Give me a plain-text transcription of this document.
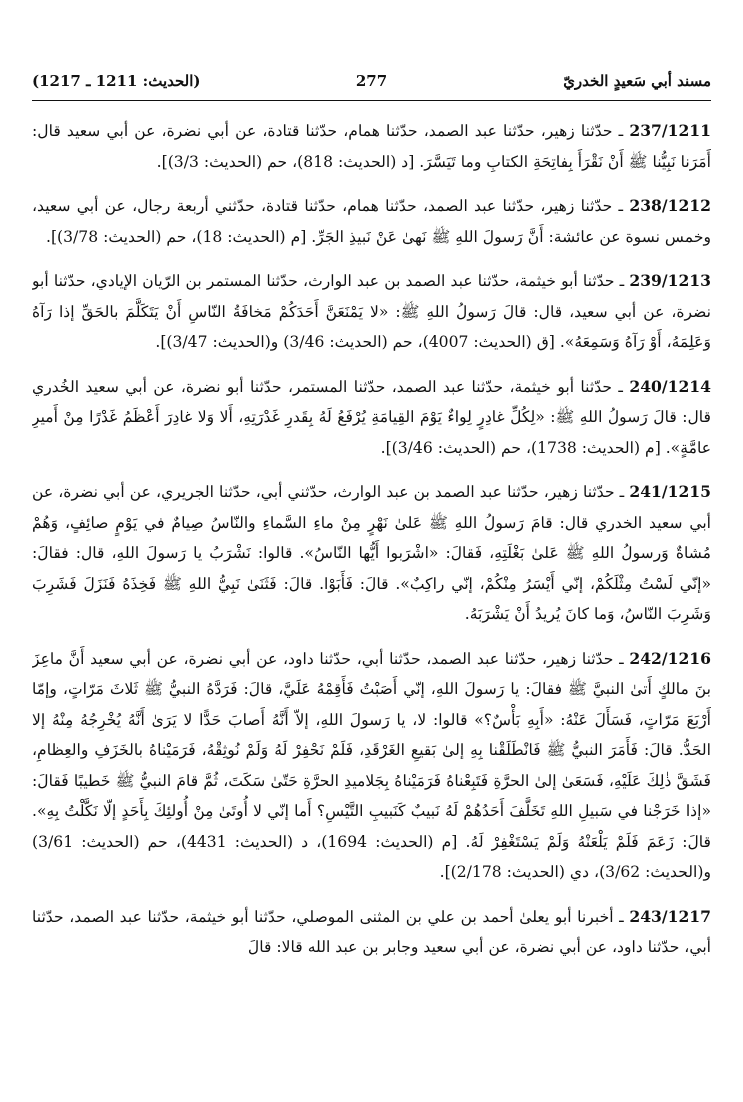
مسند أبي سَعيدٍ الخدريّ
277
(الحديث: 1211 ـ 1217)

237/1211 ـ حدّثنا زهير، حدّثنا عبد الصمد، حدّثنا همام، حدّثنا قتادة، عن أبي نضرة، عن أبي سعيد قال: أَمَرَنا نَبِيُّنا ﷺ أَنْ نَقْرَأَ بِفاتِحَةِ الكتابِ وما تَيَسَّرَ. [د (الحديث: 818)، حم (الحديث: 3/3)].

238/1212 ـ حدّثنا زهير، حدّثنا عبد الصمد، حدّثنا همام، حدّثنا قتادة، حدّثني أربعة رجال، عن أبي سعيد، وخمس نسوة عن عائشة: أَنَّ رَسولَ اللهِ ﷺ نَهىٰ عَنْ نَبيذِ الجَرِّ. [م (الحديث: 18)، حم (الحديث: 3/78)].

239/1213 ـ حدّثنا أبو خيثمة، حدّثنا عبد الصمد بن عبد الوارث، حدّثنا المستمر بن الرّيان الإيادي، حدّثنا أبو نضرة، عن أبي سعيد، قال: قالَ رَسولُ اللهِ ﷺ: «لا يَمْنَعَنَّ أَحَدَكُمْ مَخافَةُ النّاسِ أَنْ يَتَكَلَّمَ بالحَقِّ إذا رَآهُ وَعَلِمَهُ، أَوْ رَآهُ وَسَمِعَهُ». [ق (الحديث: 4007)، حم (الحديث: 3/46) و(الحديث: 3/47)].

240/1214 ـ حدّثنا أبو خيثمة، حدّثنا عبد الصمد، حدّثنا المستمر، حدّثنا أبو نضرة، عن أبي سعيد الخُدري قال: قالَ رَسولُ اللهِ ﷺ: «لِكُلِّ غادِرٍ لِواءٌ يَوْمَ القِيامَةِ يُرْفَعُ لَهُ بِقَدرِ غَدْرَتِهِ، أَلا وَلا غادِرَ أَعْظَمُ غَدْرًا مِنْ أَميرِ عامَّةٍ». [م (الحديث: 1738)، حم (الحديث: 3/46)].

241/1215 ـ حدّثنا زهير، حدّثنا عبد الصمد بن عبد الوارث، حدّثني أبي، حدّثنا الجريري، عن أبي نضرة، عن أبي سعيد الخدري قال: قامَ رَسولُ اللهِ ﷺ عَلىٰ نَهْرٍ مِنْ ماءِ السَّماءِ والنّاسُ صِيامٌ في يَوْمٍ صائِفٍ، وَهُمْ مُشاةٌ وَرسولُ اللهِ ﷺ عَلىٰ بَغْلَتِهِ، فَقالَ: «اشْرَبوا أَيُّها النّاسُ». قالوا: نَشْرَبُ يا رَسولَ اللهِ، قال: فقالَ: «إنّي لَسْتُ مِثْلَكُمْ، إنّي أَيْسَرُ مِنْكُمْ، إنّي راكِبٌ». قالَ: فَأَبَوْا. قالَ: فَثَنَىٰ نَبِيُّ اللهِ ﷺ فَخِذَهُ فَنَزَلَ فَشَرِبَ وَشَرِبَ النّاسُ، وَما كانَ يُريدُ أَنْ يَشْرَبَهُ.

242/1216 ـ حدّثنا زهير، حدّثنا عبد الصمد، حدّثنا أبي، حدّثنا داود، عن أبي نضرة، عن أبي سعيد أَنَّ ماعِزَ بنَ مالكٍ أَتىٰ النبيَّ ﷺ فقالَ: يا رَسولَ اللهِ، إنّي أَصَبْتُ فَأَقِمْهُ عَلَيَّ، قالَ: فَرَدَّهُ النبيُّ ﷺ ثَلاثَ مَرّاتٍ، وإمّا أَرْبَعَ مَرّاتٍ، فَسَأَلَ عَنْهُ: «أَبِهِ بَأْسٌ؟» قالوا: لا، يا رَسولَ اللهِ، إلاّ أَنَّهُ أَصابَ حَدًّا لا يَرَىٰ أَنَّهُ يُخْرِجُهُ مِنْهُ إلا الحَدُّ. قالَ: فَأَمَرَ النبيُّ ﷺ فَانْطَلَقْنا بِهِ إلىٰ بَقيعِ الغَرْقَدِ، فَلَمْ نَحْفِرْ لَهُ وَلَمْ نُوثِقْهُ، فَرَمَيْناهُ بالخَزَفِ والعِظامِ، فَشَقَّ ذٰلِكَ عَلَيْهِ، فَسَعَىٰ إلىٰ الحرَّةِ فَتَبِعْناهُ فَرَمَيْناهُ بِجَلاميدِ الحرَّةِ حَتّىٰ سَكَتَ، ثُمَّ قامَ النبيُّ ﷺ خَطيبًا فَقالَ: «إذا خَرَجْنا في سَبيلِ اللهِ تَخَلَّفَ أَحَدُهُمْ لَهُ نَبيبٌ كَنَبيبِ التَّيْسِ؟ أَما إنّي لا أُوتَىٰ مِنْ أُولئِكَ بِأَحَدٍ إلّا نَكَّلْتُ بِهِ». قالَ: زَعَمَ فَلَمْ يَلْعَنْهُ وَلَمْ يَسْتَغْفِرْ لَهُ. [م (الحديث: 1694)، د (الحديث: 4431)، حم (الحديث: 3/61) و(الحديث: 3/62)، دي (الحديث: 2/178)].

243/1217 ـ أخبرنا أبو يعلىٰ أحمد بن علي بن المثنى الموصلي، حدّثنا أبو خيثمة، حدّثنا عبد الصمد، حدّثنا أبي، حدّثنا داود، عن أبي نضرة، عن أبي سعيد وجابر بن عبد الله قالا: قالَ
